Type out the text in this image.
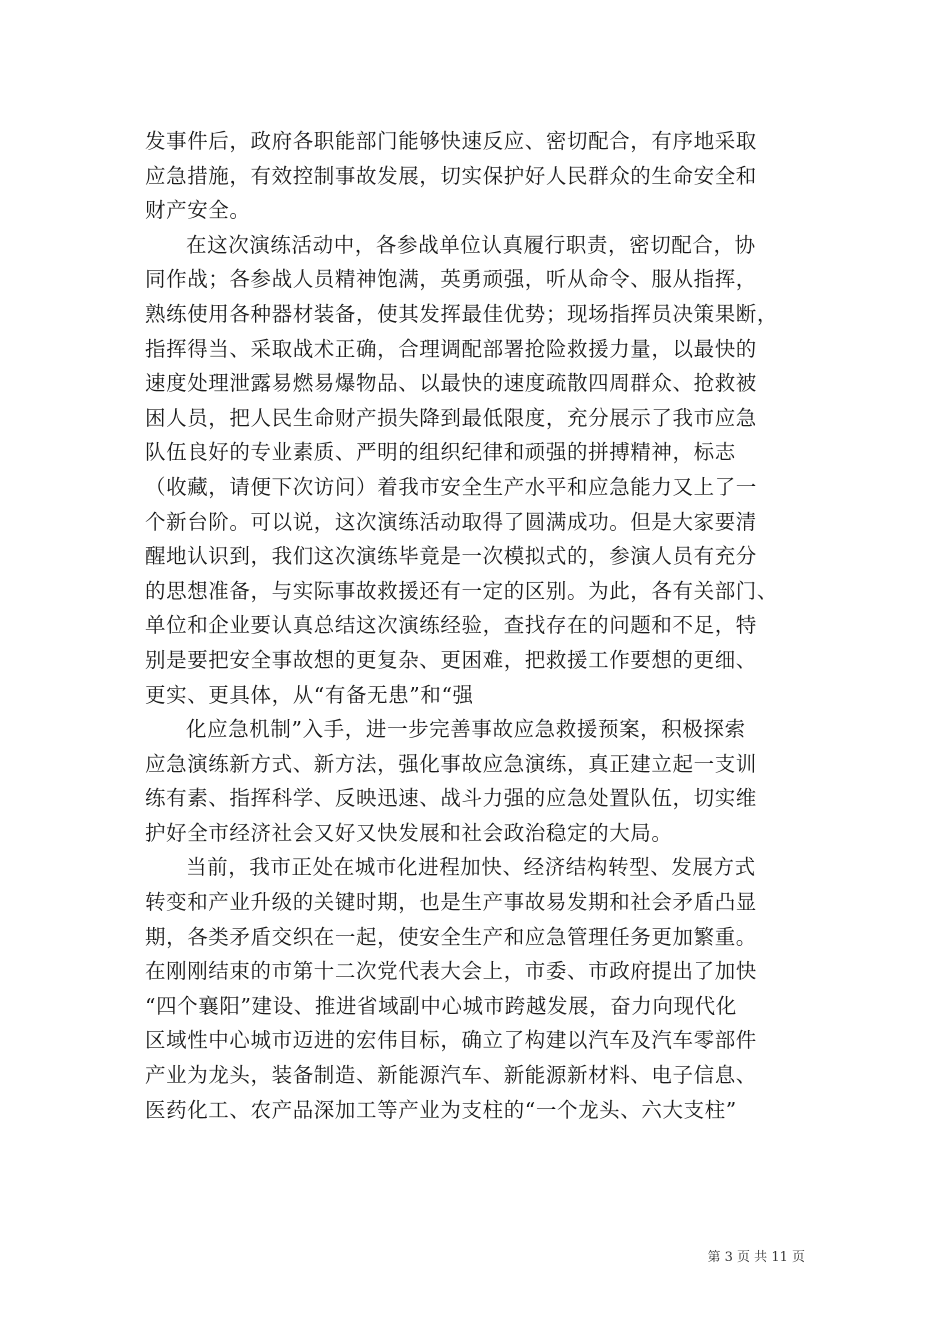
发事件后，政府各职能部门能够快速反应、密切配合，有序地采取
应急措施，有效控制事故发展，切实保护好人民群众的生命安全和
财产安全。
在这次演练活动中，各参战单位认真履行职责，密切配合，协
同作战；各参战人员精神饱满，英勇顽强，听从命令、服从指挥，
熟练使用各种器材装备，使其发挥最佳优势；现场指挥员决策果断，
指挥得当、采取战术正确，合理调配部署抢险救援力量，以最快的
速度处理泄露易燃易爆物品、以最快的速度疏散四周群众、抢救被
困人员，把人民生命财产损失降到最低限度，充分展示了我市应急
队伍良好的专业素质、严明的组织纪律和顽强的拼搏精神，标志
（收藏，请便下次访问）着我市安全生产水平和应急能力又上了一
个新台阶。可以说，这次演练活动取得了圆满成功。但是大家要清
醒地认识到，我们这次演练毕竟是一次模拟式的，参演人员有充分
的思想准备，与实际事故救援还有一定的区别。为此，各有关部门、
单位和企业要认真总结这次演练经验，查找存在的问题和不足，特
别是要把安全事故想的更复杂、更困难，把救援工作要想的更细、
更实、更具体，从“有备无患”和“强
化应急机制”入手，进一步完善事故应急救援预案，积极探索
应急演练新方式、新方法，强化事故应急演练，真正建立起一支训
练有素、指挥科学、反映迅速、战斗力强的应急处置队伍，切实维
护好全市经济社会又好又快发展和社会政治稳定的大局。
当前，我市正处在城市化进程加快、经济结构转型、发展方式
转变和产业升级的关键时期，也是生产事故易发期和社会矛盾凸显
期，各类矛盾交织在一起，使安全生产和应急管理任务更加繁重。
在刚刚结束的市第十二次党代表大会上，市委、市政府提出了加快
“四个襄阳”建设、推进省域副中心城市跨越发展，奋力向现代化
区域性中心城市迈进的宏伟目标，确立了构建以汽车及汽车零部件
产业为龙头，装备制造、新能源汽车、新能源新材料、电子信息、
医药化工、农产品深加工等产业为支柱的“一个龙头、六大支柱”
第 3 页 共 11 页
